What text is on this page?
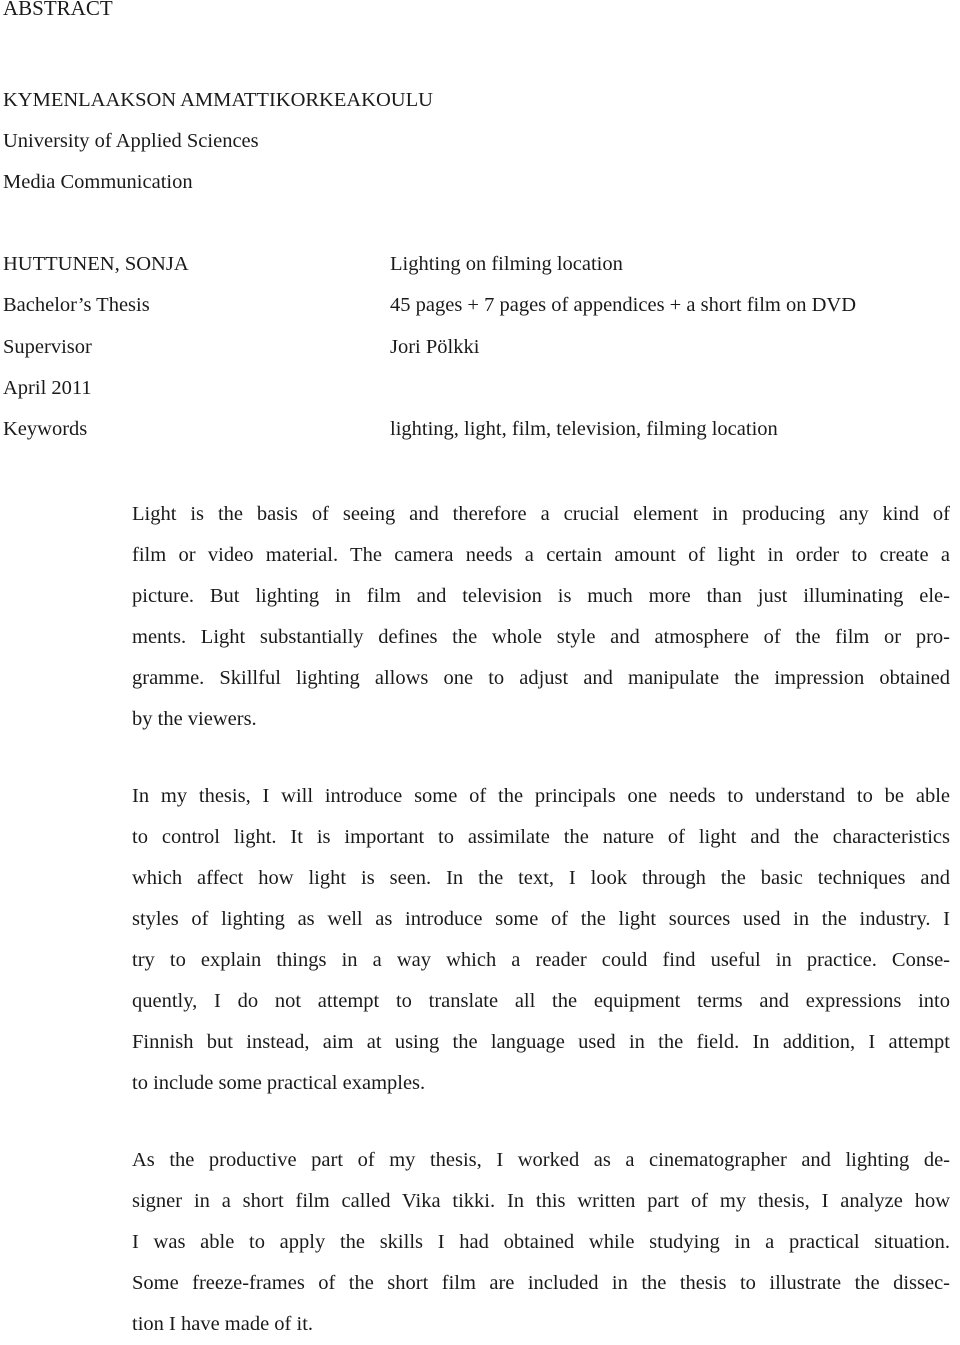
ABSTRACT
KYMENLAAKSON AMMATTIKORKEAKOULU
University of Applied Sciences
Media Communication
HUTTUNEN, SONJA	Lighting on filming location
Bachelor’s Thesis	45 pages + 7 pages of appendices + a short film on DVD
Supervisor	Jori Pölkki
April 2011
Keywords	lighting, light, film, television, filming location
Light is the basis of seeing and therefore a crucial element in producing any kind of
film or video material. The camera needs a certain amount of light in order to create a
picture. But lighting in film and television is much more than just illuminating ele-
ments. Light substantially defines the whole style and atmosphere of the film or pro-
gramme. Skillful lighting allows one to adjust and manipulate the impression obtained
by the viewers.
In my thesis, I will introduce some of the principals one needs to understand to be able
to control light. It is important to assimilate the nature of light and the characteristics
which affect how light is seen. In the text, I look through the basic techniques and
styles of lighting as well as introduce some of the light sources used in the industry. I
try to explain things in a way which a reader could find useful in practice. Conse-
quently, I do not attempt to translate all the equipment terms and expressions into
Finnish but instead, aim at using the language used in the field. In addition, I attempt
to include some practical examples.
As the productive part of my thesis, I worked as a cinematographer and lighting de-
signer in a short film called Vika tikki. In this written part of my thesis, I analyze how
I was able to apply the skills I had obtained while studying in a practical situation.
Some freeze-frames of the short film are included in the thesis to illustrate the dissec-
tion I have made of it.
